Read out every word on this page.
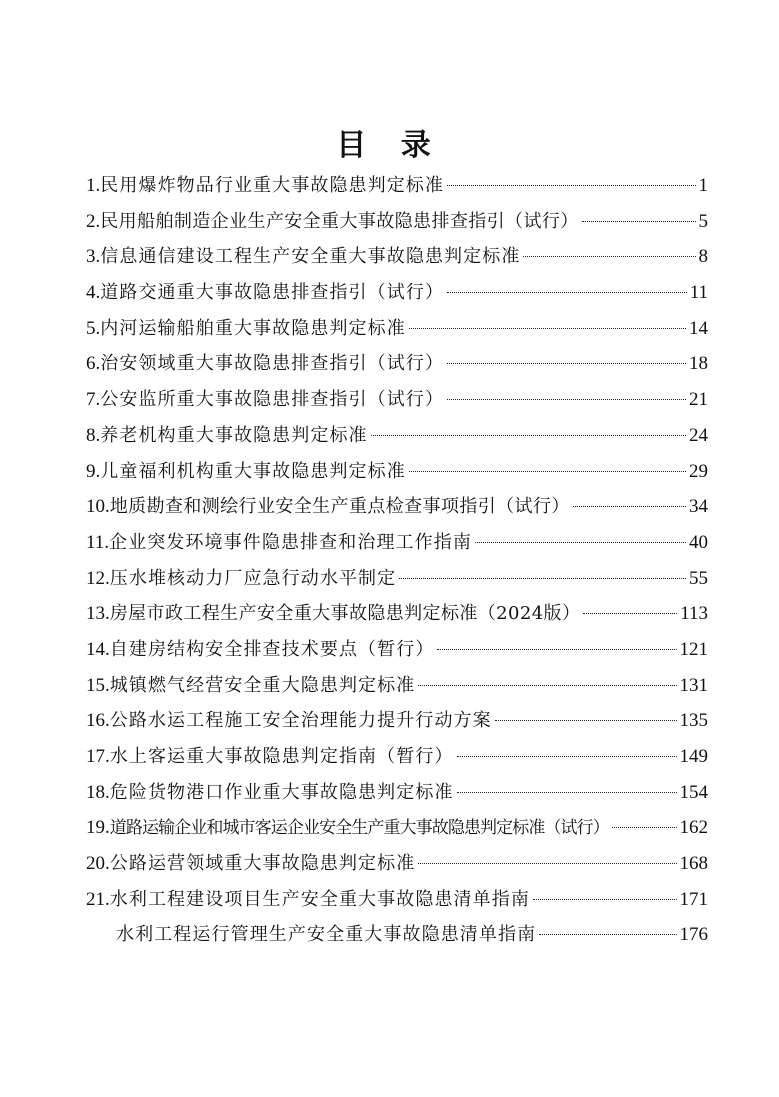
目 录
1. 民用爆炸物品行业重大事故隐患判定标准	1
2. 民用船舶制造企业生产安全重大事故隐患排查指引（试行）	5
3. 信息通信建设工程生产安全重大事故隐患判定标准	8
4. 道路交通重大事故隐患排查指引（试行）	11
5. 内河运输船舶重大事故隐患判定标准	14
6. 治安领域重大事故隐患排查指引（试行）	18
7. 公安监所重大事故隐患排查指引（试行）	21
8. 养老机构重大事故隐患判定标准	24
9. 儿童福利机构重大事故隐患判定标准	29
10. 地质勘查和测绘行业安全生产重点检查事项指引（试行）	34
11. 企业突发环境事件隐患排查和治理工作指南	40
12. 压水堆核动力厂应急行动水平制定	55
13. 房屋市政工程生产安全重大事故隐患判定标准（2024版）	113
14. 自建房结构安全排查技术要点（暂行）	121
15. 城镇燃气经营安全重大隐患判定标准	131
16. 公路水运工程施工安全治理能力提升行动方案	135
17. 水上客运重大事故隐患判定指南（暂行）	149
18. 危险货物港口作业重大事故隐患判定标准	154
19. 道路运输企业和城市客运企业安全生产重大事故隐患判定标准（试行）	162
20. 公路运营领域重大事故隐患判定标准	168
21. 水利工程建设项目生产安全重大事故隐患清单指南	171
水利工程运行管理生产安全重大事故隐患清单指南	176
